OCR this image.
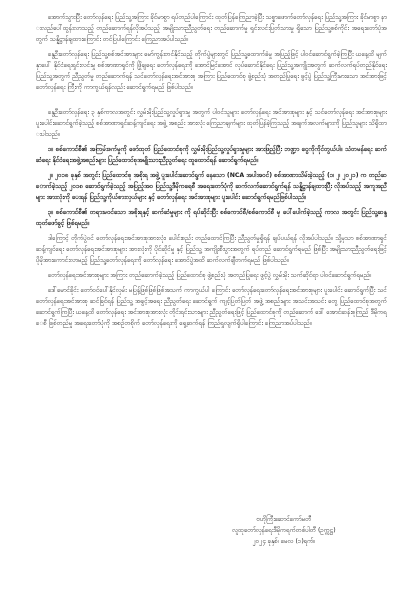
အောက်သွားပြီး တော်လှန်ရေး ပြည်သူ့အကြား ခိုင်မာစွာ ရပ်တည်ပါကြောင်း ထုတ်ပြန်ကြေညာခဲ့ပြီး သစ္စာဖောက်တော်လှန်ရေး ပြည်သူ့အကြား ခိုင်မာစွာ နားလည်ပေါ်ထွန်းလာသည့် တည်ဆောက်ရန်လိုအပ်သည့် အမျိုးသားညီညွတ်ရေး တည်ဆောက်မှု ရှင်းလင်းပြတ်သားမှု ရှိသော ပြည်သူ့စစ်ကိုင်း အရေးတော်ပုံအတွက် သန္နိဋ္ဌာန်ချထားကြောင်း တင်ပြပါကြောင်း ကြေညာအပ်ပါသည်။

နွေဦးတော်လှန်ရေး ပြည်သူ့စစ်အင်အားများ မော်ကွန်းတင်နိုင်သည့် တိုက်ပွဲများတွင် ပြည်သူ့ထောက်ခံမှု အပြည့်ဖြင့် ပါဝင်ဆောင်ရွက်ခဲ့ကြပြီး ယနေ့ထိ မျက်နှာပေါ် နိုင်ငံရေးရှင်းလင်းမှု စစ်အာဏာရှင်ကို ဖြိုချရေး တော်လှန်ရေးကို အောင်မြင်အောင် လုပ်ဆောင်နိုင်ရေး ပြည်သူ့အကျိုးအတွက် ဆက်လက်ရပ်တည်နိုင်ရေး ပြည်သူ့အတွက် ညီညွတ်မှု တည်ဆောက်ရန် သင်တော်လှန်ရေးအင်အားစု အကြား ပြည်ထောင်စု ဖွဲ့စည်းပုံ အတည်ပြုရေး ဖွင့်ပွဲ ပြည်သူ့ကြီးမားသော အင်အားဖြင့် တော်လှန်ရေး ကြီးကို ကာကွယ်ရန်လည်း ဆောင်ရွက်ရမည် ဖြစ်ပါသည်။

နွေဦးတော်လှန်ရေး ၃ နှစ်ကာလအတွင်း လွှမ်းမိုးပြည်သူ့လှုပ်ရှားမှု အတွက် ပါဝင်သူများ တော်လှန်ရေး အင်အားစုများ နှင့် သင်တော်လှန်ရေး အင်အားစုများ ပူးပေါင်းဆောင်ရွက်ခဲ့သည့် စစ်အာဏာရှင်ဆန့်ကျင်ရေး အဖွဲ့ အစည်း အားလုံး ကြေညာချက်များ ထုတ်ပြန်ခဲ့ကြသည့် အချက်အလက်များကို ပြည်သူများ သိရှိထားပါသည်။

၁။ စစ်ကောင်စီ၏ အကြမ်းဖက်မှုကို ဖော်ထုတ် ပြည်ထောင်စုကို လွှမ်းမိုးပြည်သူ့လှုပ်ရှားမှုများ အားဖြည့်ပြီး ဘဏ္ဍာ ငွေကိုကိုင်တွယ်ပါ။ သံတမန်ရေး ဆက်ဆံရေး နိုင်ငံရေးအဖွဲ့အစည်းများ ပြည်ထောင်စုအမျိုးသားညီညွတ်ရေး ထူထောင်ရန် ဆောင်ရွက်ရမည်။

၂။ ၂၀၁၈ ခုနှစ် အတွင်း ပြည်ထောင်စု အစိုးရ အဖွဲ့ ပူးပေါင်းဆောင်ရွက် နေသော (NCA အပါအဝင်) စစ်အာဏာသိမ်းခဲ့သည့် (၁၊ ၂၊ ၂၀၂၁) က တည်ဆောက်ခဲ့သည့် ၂၀၁၈ ဆောင်ရွက်ခဲ့သည့် အပြည့်အဝ ပြည်သူ့ဒီမိုကရေစီ အရေးတော်ပုံကို ဆက်လက်ဆောင်ရွက်ရန် သန္နိဋ္ဌာန်ချထားပြီး လိုအပ်သည့် အကူအညီများ အားလုံးကို ပေးရန် ပြည်သူ့ကိုယ်စားလှယ်များ နှင့် တော်လှန်ရေး အင်အားစုများ ပူးပေါင်း ဆောင်ရွက်ရမည်ဖြစ်ပါသည်။

၃။ စစ်ကောင်စီ၏ တရားမဝင်သော အစိုးရနှင့် ဆက်ဆံမှုများ ကို ရပ်ဆိုင်းပြီး စစ်ကောင်စီ/စစ်ကောင်စီ မှ ပေါ်ပေါက်ခဲ့သည့် ကာလ အတွင်း ပြည်သူ့ဆန္ဒ ထုတ်ဖော်ခွင့် ဖြစ်ရမည်။

ဒါကြောင့် တိုက်ပွဲဝင် တော်လှန်ရေးအင်အားစုအားလုံး၊ ပေါင်းစည်း တည်ထောင်ကြပြီး ညီညွတ်မှုရှိရန် ချပ်ပယ်ရန် လိုအပ်ပါသည်။ သို့မှသာ စစ်အာဏာရှင်ဆန့်ကျင်ရေး တော်လှန်ရေးအင်အားစုများ အားလုံးကို ပိုင်ဆိုင်မှု နှင့် ပြည်သူ့ အကျိုးစီးပွားအတွက် ရပ်တည် ဆောင်ရွက်ရမည် ဖြစ်ပြီး အမျိုးသားညီညွတ်ရေးဖြင့် ပိုမိုအားကောင်းလာမည့် ပြည်သူ့တော်လှန်ရေးကို တော်လှန်ရေး အောင်ပွဲအထိ ဆက်လက်ချီတက်ရမည် ဖြစ်ပါသည်။

တော်လှန်ရေးအင်အားစုများ အကြား တည်ဆောက်ခဲ့သည့် ပြည်ထောင်စု ဖွဲ့စည်းပုံ အတည်ပြုရေး ဖွင့်ပွဲ လွှမ်းမိုး သက်ဆိုင်ရာ ပါဝင်ဆောင်ရွက်ရမည်။

ဒေါ်မောင်ခိုင်း တော်ဝင်ပေါ်နိုင်လှမ်း မပြန့်ဖြစ်ဖြစ်ဖြစ်အသက် ကာကွယ်ပါ ကြောင်း တော်လှန်ရေးတော်လှန်ရေးအင်အားစုများ ပူးပေါင်း ဆောင်ရွက်ပြီး သင်တော်လှန်ရေးအင်အားစု ဆင်ခြင်ရန် ပြည်သူ့ အခွင့်အရေး ညီညွတ်ရေး ဆောင်ရွက် ကျင့်ပြတ်ပြတ် အဖွဲ့ အစည်းများ အသင်းအသင်း တွေ ပြည်ထောင်စုအတွက် ဆောင်ရွက်ကြပြီး ယနေ့ထိ တော်လှန်ရေး အင်အားစုအားလုံး တိုင်းရင်းသားများ ညီညွတ်ရေးဖြင့် ပြည်ထောင်စုကို တည်ဆောက် ဒေါ် အောင်ဆန်းစုကြည် ဒီမိုကရေစီ ဖြစ်တည်မှု အရေးတော်ပုံကို အစဉ်တစိုက် တော်လှန်ရေးကို ရှေ့ဆက်ရန် ကြည်ရှုလျက်ရှိပါကြောင်း ကြေညာအပ်ပါသည်။

ဗဟိုကြီးဆောင်ကော်မတီ
လူထုတော်လှန်ရေးဒီမိုကရက်တစ်ပါတီ (ဥက္ကဋ္ဌ)
၂၀၂၄ ခုနှစ်၊ မေလ (၁)ရက်။
